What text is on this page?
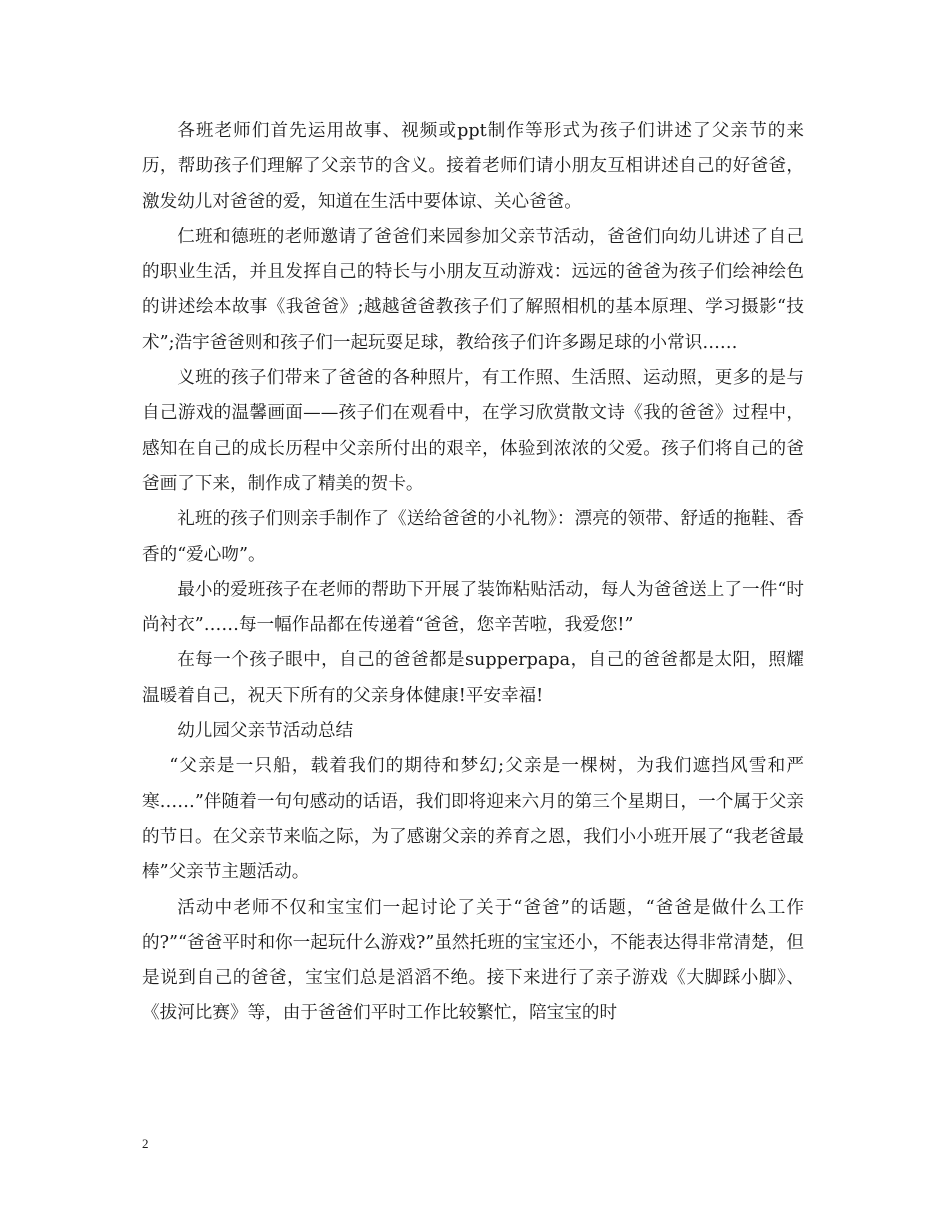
各班老师们首先运用故事、视频或ppt制作等形式为孩子们讲述了父亲节的来历，帮助孩子们理解了父亲节的含义。接着老师们请小朋友互相讲述自己的好爸爸，激发幼儿对爸爸的爱，知道在生活中要体谅、关心爸爸。

仁班和德班的老师邀请了爸爸们来园参加父亲节活动，爸爸们向幼儿讲述了自己的职业生活，并且发挥自己的特长与小朋友互动游戏：远远的爸爸为孩子们绘神绘色的讲述绘本故事《我爸爸》;越越爸爸教孩子们了解照相机的基本原理、学习摄影“技术”;浩宇爸爸则和孩子们一起玩耍足球，教给孩子们许多踢足球的小常识……

义班的孩子们带来了爸爸的各种照片，有工作照、生活照、运动照，更多的是与自己游戏的温馨画面——孩子们在观看中，在学习欣赏散文诗《我的爸爸》过程中，感知在自己的成长历程中父亲所付出的艰辛，体验到浓浓的父爱。孩子们将自己的爸爸画了下来，制作成了精美的贺卡。

礼班的孩子们则亲手制作了《送给爸爸的小礼物》：漂亮的领带、舒适的拖鞋、香香的“爱心吻”。

最小的爱班孩子在老师的帮助下开展了装饰粘贴活动，每人为爸爸送上了一件“时尚衬衣”……每一幅作品都在传递着“爸爸，您辛苦啦，我爱您!”

在每一个孩子眼中，自己的爸爸都是supperpapa，自己的爸爸都是太阳，照耀温暖着自己，祝天下所有的父亲身体健康!平安幸福!

幼儿园父亲节活动总结

“父亲是一只船，载着我们的期待和梦幻;父亲是一棵树，为我们遮挡风雪和严寒……”伴随着一句句感动的话语，我们即将迎来六月的第三个星期日，一个属于父亲的节日。在父亲节来临之际，为了感谢父亲的养育之恩，我们小小班开展了“我老爸最棒”父亲节主题活动。

活动中老师不仅和宝宝们一起讨论了关于“爸爸”的话题，“爸爸是做什么工作的?”“爸爸平时和你一起玩什么游戏?”虽然托班的宝宝还小，不能表达得非常清楚，但是说到自己的爸爸，宝宝们总是滔滔不绝。接下来进行了亲子游戏《大脚踩小脚》、《拔河比赛》等，由于爸爸们平时工作比较繁忙，陪宝宝的时

2
